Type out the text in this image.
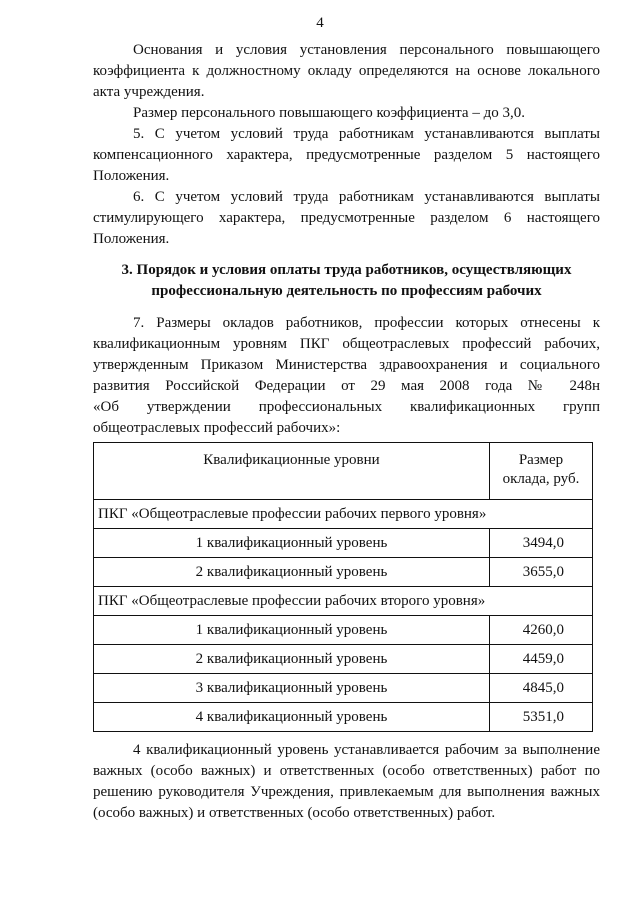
4
Основания и условия установления персонального повышающего
коэффициента к должностному окладу определяются на основе локального
акта учреждения.
Размер персонального повышающего коэффициента – до 3,0.
5. С учетом условий труда работникам устанавливаются выплаты
компенсационного характера, предусмотренные разделом 5 настоящего
Положения.
6. С учетом условий труда работникам устанавливаются выплаты
стимулирующего характера, предусмотренные разделом 6 настоящего
Положения.
3. Порядок и условия оплаты труда работников, осуществляющих
профессиональную деятельность по профессиям рабочих
7. Размеры окладов работников, профессии которых отнесены к
квалификационным уровням ПКГ общеотраслевых профессий рабочих,
утвержденным Приказом Министерства здравоохранения и социального
развития Российской Федерации от 29 мая 2008 года № 248н
«Об утверждении профессиональных квалификационных групп
общеотраслевых профессий рабочих»:
Квалификационные уровни	Размер
оклада, руб.

ПКГ «Общеотраслевые профессии рабочих первого уровня»	
1 квалификационный уровень	3494,0
2 квалификационный уровень	3655,0
ПКГ «Общеотраслевые профессии рабочих второго уровня»	
1 квалификационный уровень	4260,0
2 квалификационный уровень	4459,0
3 квалификационный уровень	4845,0
4 квалификационный уровень	5351,0
4 квалификационный уровень устанавливается рабочим за выполнение
важных (особо важных) и ответственных (особо ответственных) работ по
решению руководителя Учреждения, привлекаемым для выполнения важных
(особо важных) и ответственных (особо ответственных) работ.
